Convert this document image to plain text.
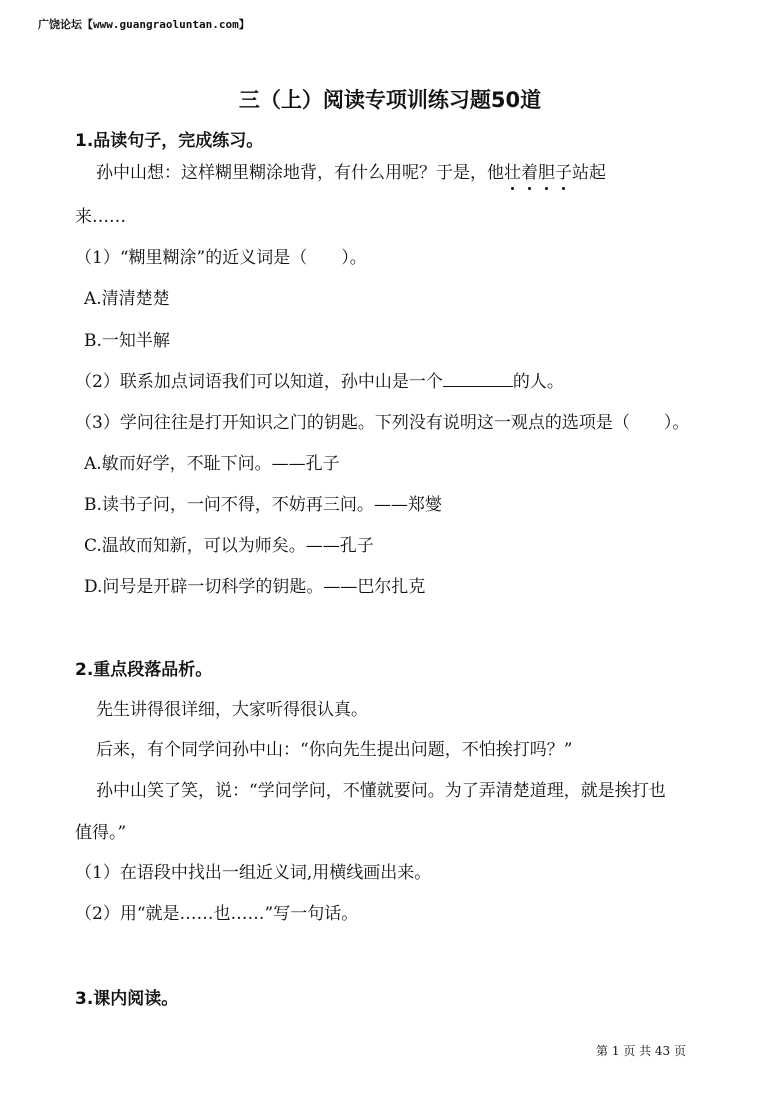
广饶论坛【www.guangraoluntan.com】
三（上）阅读专项训练习题50道
1.品读句子，完成练习。
孙中山想：这样糊里糊涂地背，有什么用呢？于是，他壮着胆子站起
来……
（1）“糊里糊涂”的近义词是（　　）。
A.清清楚楚
B.一知半解
（2）联系加点词语我们可以知道，孙中山是一个	的人。
（3）学问往往是打开知识之门的钥匙。下列没有说明这一观点的选项是（　　）。
A.敏而好学，不耻下问。——孔子
B.读书子问，一问不得，不妨再三问。——郑燮
C.温故而知新，可以为师矣。——孔子
D.问号是开辟一切科学的钥匙。——巴尔扎克
2.重点段落品析。
先生讲得很详细，大家听得很认真。
后来，有个同学问孙中山：“你向先生提出问题，不怕挨打吗？”
孙中山笑了笑，说：“学问学问，不懂就要问。为了弄清楚道理，就是挨打也
值得。”
（1）在语段中找出一组近义词,用横线画出来。
（2）用“就是……也……”写一句话。
3.课内阅读。
第 1 页 共 43 页
